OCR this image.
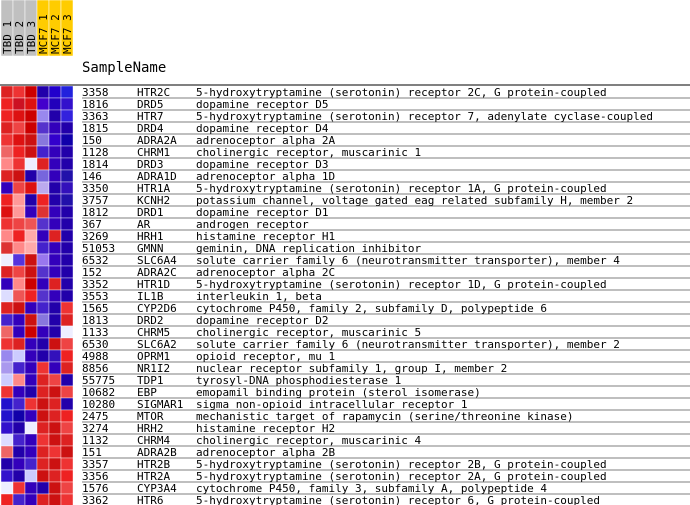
TBD 1 TBD 2 TBD 3 MCF7 1 MCF7 2 MCF7 3
SampleName
3358	HTR2C 5-hydroxytryptamine (serotonin) receptor 2C, G protein-coupled
1816	DRD5	dopamine receptor D5
3363	HTR7	5-hydroxytryptamine (serotonin) receptor 7, adenylate cyclase-coupled
1815	DRD4	dopamine receptor D4
150	ADRA2A adrenoceptor alpha 2A
1128	CHRM1 cholinergic receptor, muscarinic 1
1814	DRD3	dopamine receptor D3
146	ADRA1D adrenoceptor alpha 1D
3350	HTR1A 5-hydroxytryptamine (serotonin) receptor 1A, G protein-coupled
3757	KCNH2 potassium channel, voltage gated eag related subfamily H, member 2
1812	DRD1	dopamine receptor D1
367	AR	androgen receptor
3269	HRH1	histamine receptor H1
51053 GMNN	geminin, DNA replication inhibitor
6532	SLC6A4 solute carrier family 6 (neurotransmitter transporter), member 4
152	ADRA2C adrenoceptor alpha 2C
3352	HTR1D 5-hydroxytryptamine (serotonin) receptor 1D, G protein-coupled
3553	IL1B	interleukin 1, beta
1565	CYP2D6 cytochrome P450, family 2, subfamily D, polypeptide 6
1813	DRD2	dopamine receptor D2
1133	CHRM5 cholinergic receptor, muscarinic 5
6530	SLC6A2 solute carrier family 6 (neurotransmitter transporter), member 2
4988	OPRM1 opioid receptor, mu 1
8856	NR1I2 nuclear receptor subfamily 1, group I, member 2
55775 TDP1	tyrosyl-DNA phosphodiesterase 1
10682 EBP	emopamil binding protein (sterol isomerase)
10280 SIGMAR1 sigma non-opioid intracellular receptor 1
2475	MTOR	mechanistic target of rapamycin (serine/threonine kinase)
3274	HRH2	histamine receptor H2
1132	CHRM4 cholinergic receptor, muscarinic 4
151	ADRA2B adrenoceptor alpha 2B
3357	HTR2B 5-hydroxytryptamine (serotonin) receptor 2B, G protein-coupled
3356	HTR2A 5-hydroxytryptamine (serotonin) receptor 2A, G protein-coupled
1576	CYP3A4 cytochrome P450, family 3, subfamily A, polypeptide 4
3362	HTR6	5-hydroxytryptamine (serotonin) receptor 6, G protein-coupled
